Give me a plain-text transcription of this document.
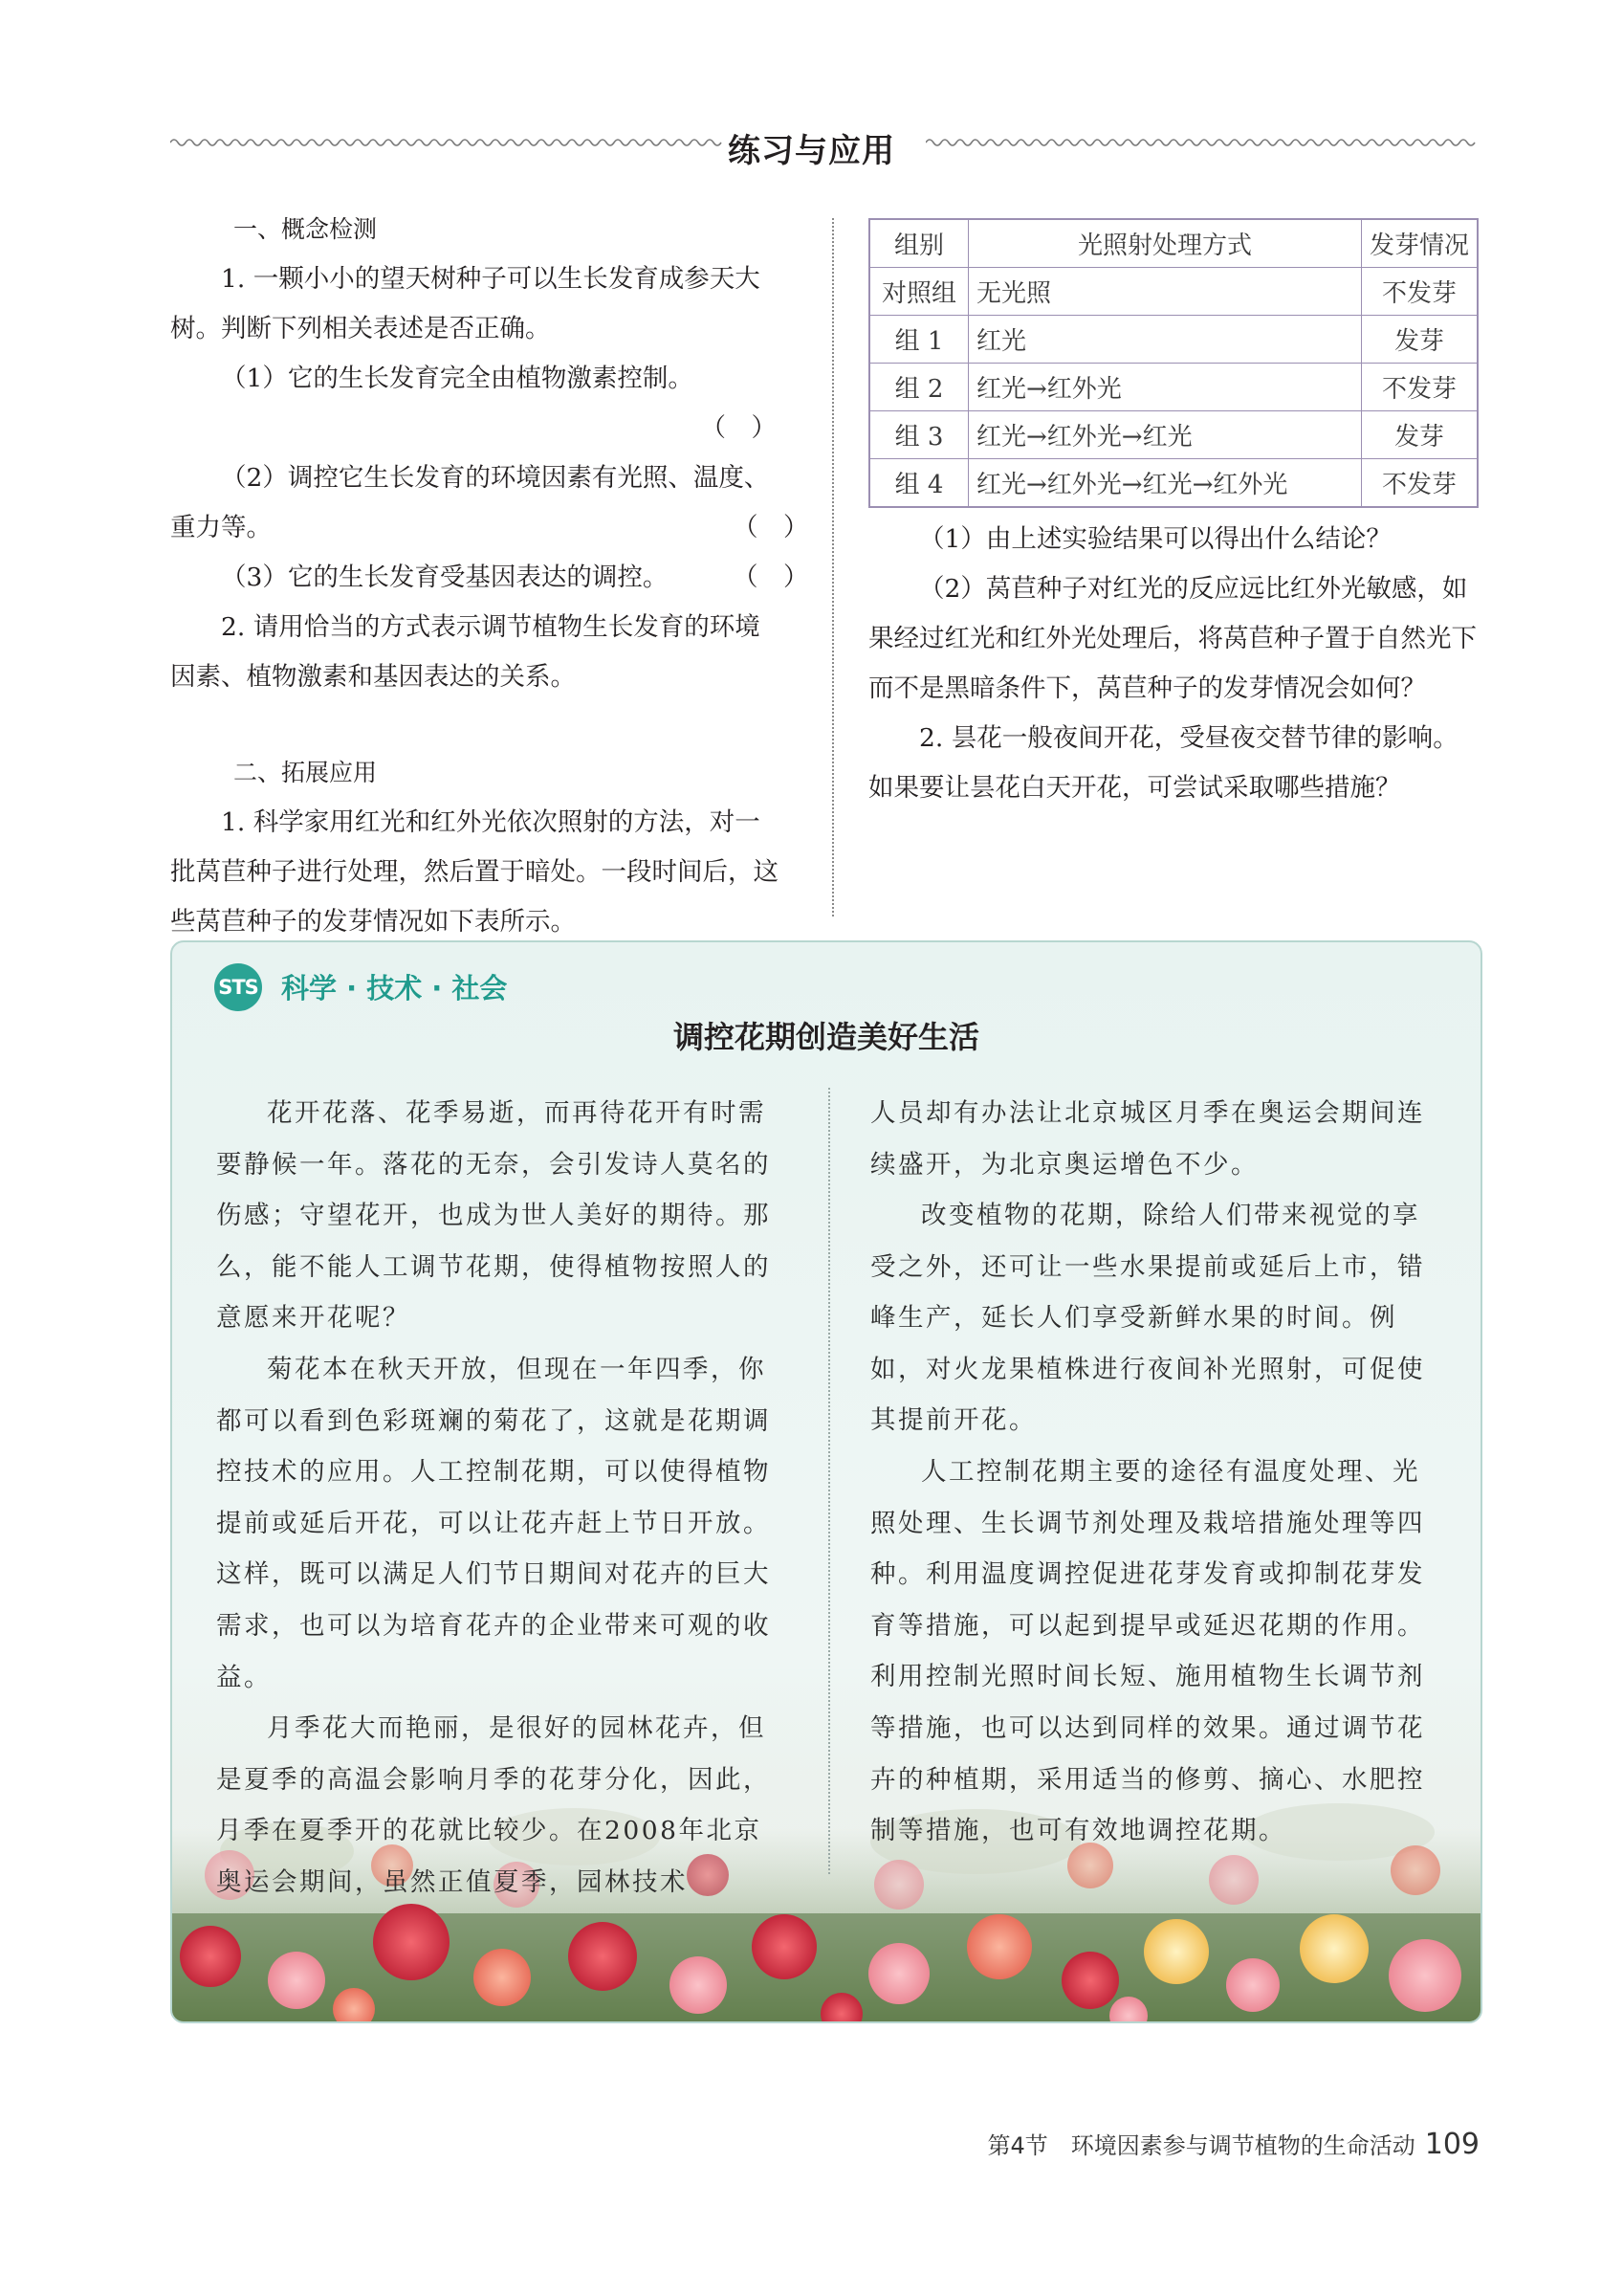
练习与应用

一、概念检测

1. 一颗小小的望天树种子可以生长发育成参天大树。判断下列相关表述是否正确。

（1）它的生长发育完全由植物激素控制。

（　）

（2）调控它生长发育的环境因素有光照、温度、重力等。	（　）

（3）它的生长发育受基因表达的调控。	（　）

2. 请用恰当的方式表示调节植物生长发育的环境因素、植物激素和基因表达的关系。

二、拓展应用

1. 科学家用红光和红外光依次照射的方法，对一批莴苣种子进行处理，然后置于暗处。一段时间后，这些莴苣种子的发芽情况如下表所示。

组别	光照射处理方式	发芽情况
对照组	无光照	不发芽
组 1	红光	发芽
组 2	红光→红外光	不发芽
组 3	红光→红外光→红光	发芽
组 4	红光→红外光→红光→红外光	不发芽

（1）由上述实验结果可以得出什么结论？

（2）莴苣种子对红光的反应远比红外光敏感，如果经过红光和红外光处理后，将莴苣种子置于自然光下而不是黑暗条件下，莴苣种子的发芽情况会如何？

2. 昙花一般夜间开花，受昼夜交替节律的影响。如果要让昙花白天开花，可尝试采取哪些措施？

STS 科学 · 技术 · 社会
调控花期创造美好生活

花开花落、花季易逝，而再待花开有时需要静候一年。落花的无奈，会引发诗人莫名的伤感；守望花开，也成为世人美好的期待。那么，能不能人工调节花期，使得植物按照人的意愿来开花呢？

菊花本在秋天开放，但现在一年四季，你都可以看到色彩斑斓的菊花了，这就是花期调控技术的应用。人工控制花期，可以使得植物提前或延后开花，可以让花卉赶上节日开放。这样，既可以满足人们节日期间对花卉的巨大需求，也可以为培育花卉的企业带来可观的收益。

月季花大而艳丽，是很好的园林花卉，但是夏季的高温会影响月季的花芽分化，因此，月季在夏季开的花就比较少。在2008年北京奥运会期间，虽然正值夏季，园林技术

人员却有办法让北京城区月季在奥运会期间连续盛开，为北京奥运增色不少。

改变植物的花期，除给人们带来视觉的享受之外，还可让一些水果提前或延后上市，错峰生产，延长人们享受新鲜水果的时间。例如，对火龙果植株进行夜间补光照射，可促使其提前开花。

人工控制花期主要的途径有温度处理、光照处理、生长调节剂处理及栽培措施处理等四种。利用温度调控促进花芽发育或抑制花芽发育等措施，可以起到提早或延迟花期的作用。利用控制光照时间长短、施用植物生长调节剂等措施，也可以达到同样的效果。通过调节花卉的种植期，采用适当的修剪、摘心、水肥控制等措施，也可有效地调控花期。

第4节　环境因素参与调节植物的生命活动 109
